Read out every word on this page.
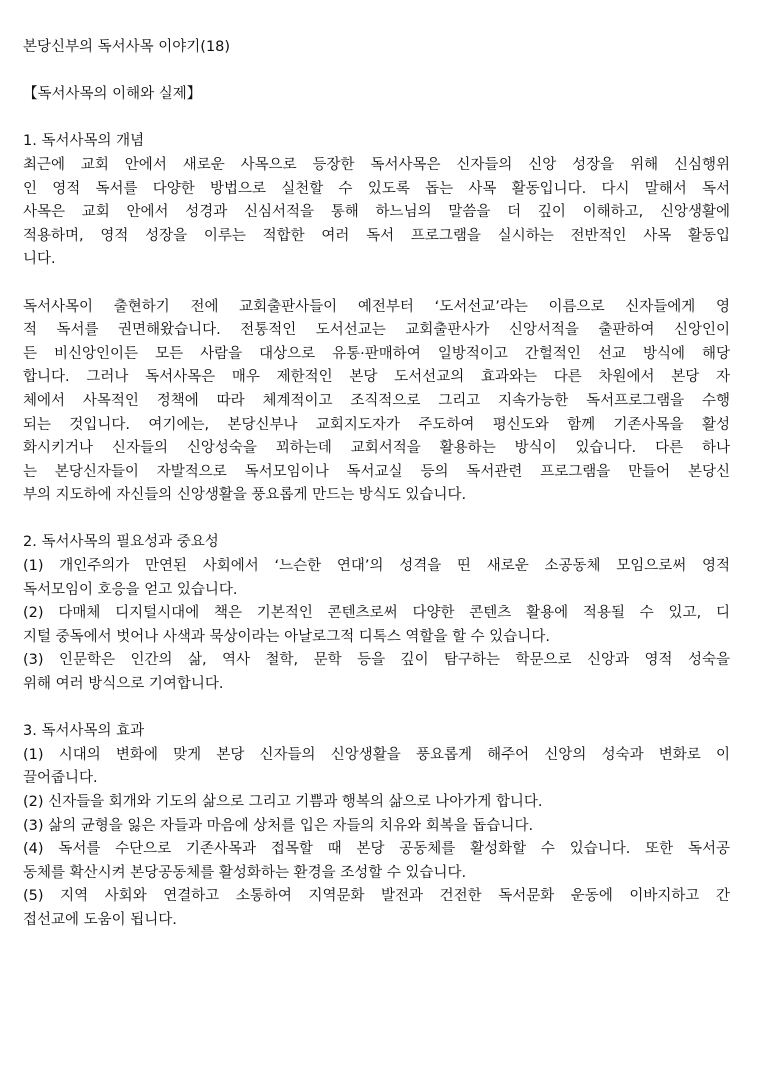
본당신부의 독서사목 이야기(18)
【독서사목의 이해와 실제】
1. 독서사목의 개념
최근에 교회 안에서 새로운 사목으로 등장한 독서사목은 신자들의 신앙 성장을 위해 신심행위
인 영적 독서를 다양한 방법으로 실천할 수 있도록 돕는 사목 활동입니다. 다시 말해서 독서
사목은 교회 안에서 성경과 신심서적을 통해 하느님의 말씀을 더 깊이 이해하고, 신앙생활에
적용하며, 영적 성장을 이루는 적합한 여러 독서 프로그램을 실시하는 전반적인 사목 활동입
니다.
독서사목이 출현하기 전에 교회출판사들이 예전부터 ‘도서선교’라는 이름으로 신자들에게 영
적 독서를 권면해왔습니다. 전통적인 도서선교는 교회출판사가 신앙서적을 출판하여 신앙인이
든 비신앙인이든 모든 사람을 대상으로 유통·판매하여 일방적이고 간헐적인 선교 방식에 해당
합니다. 그러나 독서사목은 매우 제한적인 본당 도서선교의 효과와는 다른 차원에서 본당 자
체에서 사목적인 정책에 따라 체계적이고 조직적으로 그리고 지속가능한 독서프로그램을 수행
되는 것입니다. 여기에는, 본당신부나 교회지도자가 주도하여 평신도와 함께 기존사목을 활성
화시키거나 신자들의 신앙성숙을 꾀하는데 교회서적을 활용하는 방식이 있습니다. 다른 하나
는 본당신자들이 자발적으로 독서모임이나 독서교실 등의 독서관련 프로그램을 만들어 본당신
부의 지도하에 자신들의 신앙생활을 풍요롭게 만드는 방식도 있습니다.
2. 독서사목의 필요성과 중요성
(1) 개인주의가 만연된 사회에서 ‘느슨한 연대’의 성격을 띤 새로운 소공동체 모임으로써 영적
독서모임이 호응을 얻고 있습니다.
(2) 다매체 디지털시대에 책은 기본적인 콘텐츠로써 다양한 콘텐츠 활용에 적용될 수 있고, 디
지털 중독에서 벗어나 사색과 묵상이라는 아날로그적 디톡스 역할을 할 수 있습니다.
(3) 인문학은 인간의 삶, 역사 철학, 문학 등을 깊이 탐구하는 학문으로 신앙과 영적 성숙을
위해 여러 방식으로 기여합니다.
3. 독서사목의 효과
(1) 시대의 변화에 맞게 본당 신자들의 신앙생활을 풍요롭게 해주어 신앙의 성숙과 변화로 이
끌어줍니다.
(2) 신자들을 회개와 기도의 삶으로 그리고 기쁨과 행복의 삶으로 나아가게 합니다.
(3) 삶의 균형을 잃은 자들과 마음에 상처를 입은 자들의 치유와 회복을 돕습니다.
(4) 독서를 수단으로 기존사목과 접목할 때 본당 공동체를 활성화할 수 있습니다. 또한 독서공
동체를 확산시켜 본당공동체를 활성화하는 환경을 조성할 수 있습니다.
(5) 지역 사회와 연결하고 소통하여 지역문화 발전과 건전한 독서문화 운동에 이바지하고 간
접선교에 도움이 됩니다.
